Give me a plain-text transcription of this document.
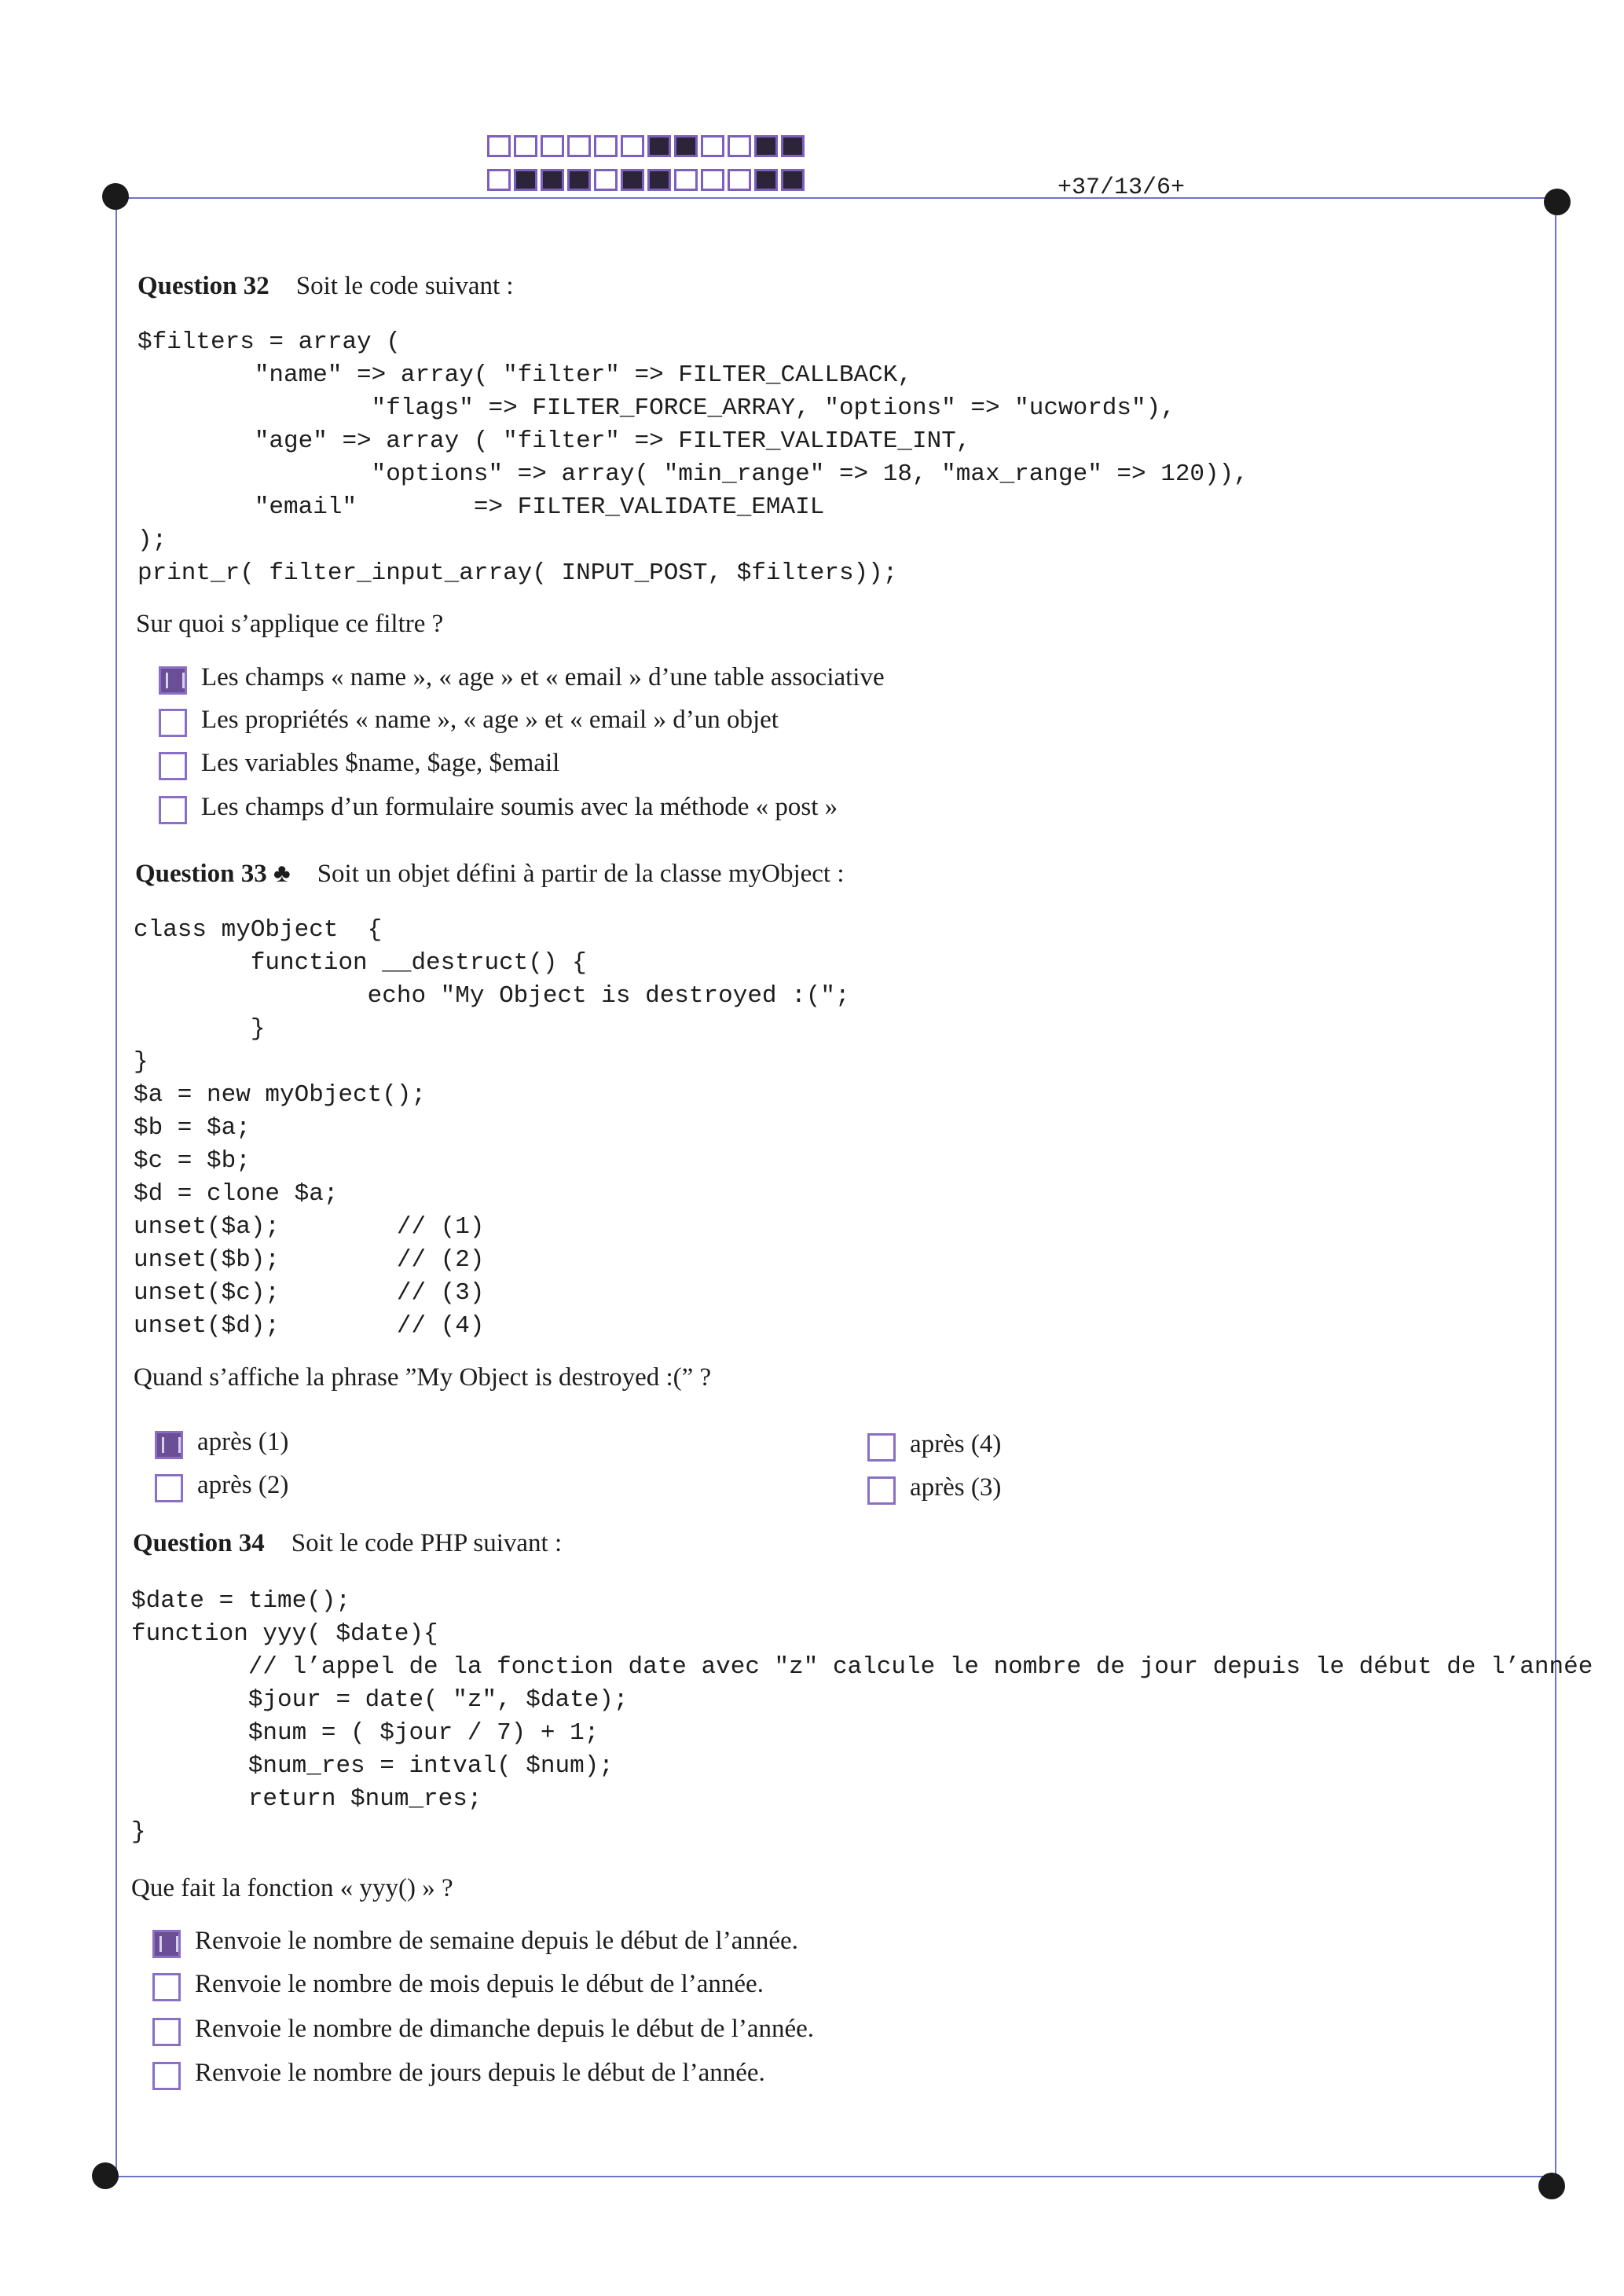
+37/13/6+
Question 32 Soit le code suivant :
$filters = array (
"name" => array( "filter" => FILTER_CALLBACK,
"flags" => FILTER_FORCE_ARRAY, "options" => "ucwords"),
"age" => array ( "filter" => FILTER_VALIDATE_INT,
"options" => array( "min_range" => 18, "max_range" => 120)),
"email"        => FILTER_VALIDATE_EMAIL
);
print_r( filter_input_array( INPUT_POST, $filters));
Sur quoi s’applique ce filtre ?
Les champs « name », « age » et « email » d’une table associative
Les propriétés « name », « age » et « email » d’un objet
Les variables $name, $age, $email
Les champs d’un formulaire soumis avec la méthode « post »
Question 33 ♣ Soit un objet défini à partir de la classe myObject :
class myObject  {
function __destruct() {
echo "My Object is destroyed :(";
}
}
$a = new myObject();
$b = $a;
$c = $b;
$d = clone $a;
unset($a);        // (1)
unset($b);        // (2)
unset($c);        // (3)
unset($d);        // (4)
Quand s’affiche la phrase ”My Object is destroyed :(” ?
après (1)
après (2)
après (4)
après (3)
Question 34 Soit le code PHP suivant :
$date = time();
function yyy( $date){
// l’appel de la fonction date avec "z" calcule le nombre de jour depuis le début de l’année
$jour = date( "z", $date);
$num = ( $jour / 7) + 1;
$num_res = intval( $num);
return $num_res;
}
Que fait la fonction « yyy() » ?
Renvoie le nombre de semaine depuis le début de l’année.
Renvoie le nombre de mois depuis le début de l’année.
Renvoie le nombre de dimanche depuis le début de l’année.
Renvoie le nombre de jours depuis le début de l’année.
